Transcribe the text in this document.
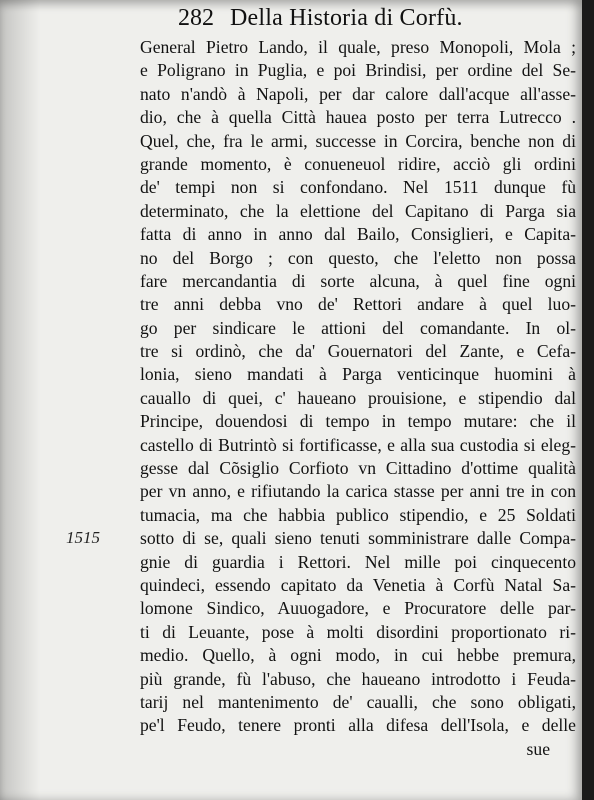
282 Della Historia di Corfù.
1515
General Pietro Lando, il quale, preso Monopoli, Mola ;
e Poligrano in Puglia, e poi Brindisi, per ordine del Se-
nato n'andò à Napoli, per dar calore dall'acque all'asse-
dio, che à quella Città haueа posto per terra Lutrecco .
Quel, che, fra le armi, successe in Corcira, benche non di
grande momento, è conueneuol ridire, acciò gli ordini
de' tempi non si confondano. Nel 1511 dunque fù
determinato, che la elettione del Capitano di Parga sia
fatta di anno in anno dal Bailo, Consiglieri, e Capita-
no del Borgo ; con questo, che l'eletto non possa
fare mercandantia di sorte alcuna, à quel fine ogni
tre anni debba vno de' Rettori andare à quel luo-
go per sindicare le attioni del comandante. In ol-
tre si ordinò, che da' Gouernatori del Zante, e Cefa-
lonia, sieno mandati à Parga venticinque huomini à
cauallo di quei, c' haueano prouisione, e stipendio dal
Principe, douendosi di tempo in tempo mutare: che il
castello di Butrintò si fortificasse, e alla sua custodia si eleg-
gesse dal Cõsiglio Corfioto vn Cittadino d'ottime qualità
per vn anno, e rifiutando la carica stasse per anni tre in con
tumacia, ma che habbia publico stipendio, e 25 Soldati
sotto di se, quali sieno tenuti somministrare dalle Compa-
gnie di guardia i Rettori. Nel mille poi cinquecento
quindeci, essendo capitato da Venetia à Corfù Natal Sa-
lomone Sindico, Auuogadore, e Procuratore delle par-
ti di Leuante, pose à molti disordini proportionato ri-
medio. Quello, à ogni modo, in cui hebbe premura,
più grande, fù l'abuso, che haueano introdotto i Feuda-
tarij nel mantenimento de' caualli, che sono obligati,
pe'l Feudo, tenere pronti alla difesa dell'Isola, e delle
sue
